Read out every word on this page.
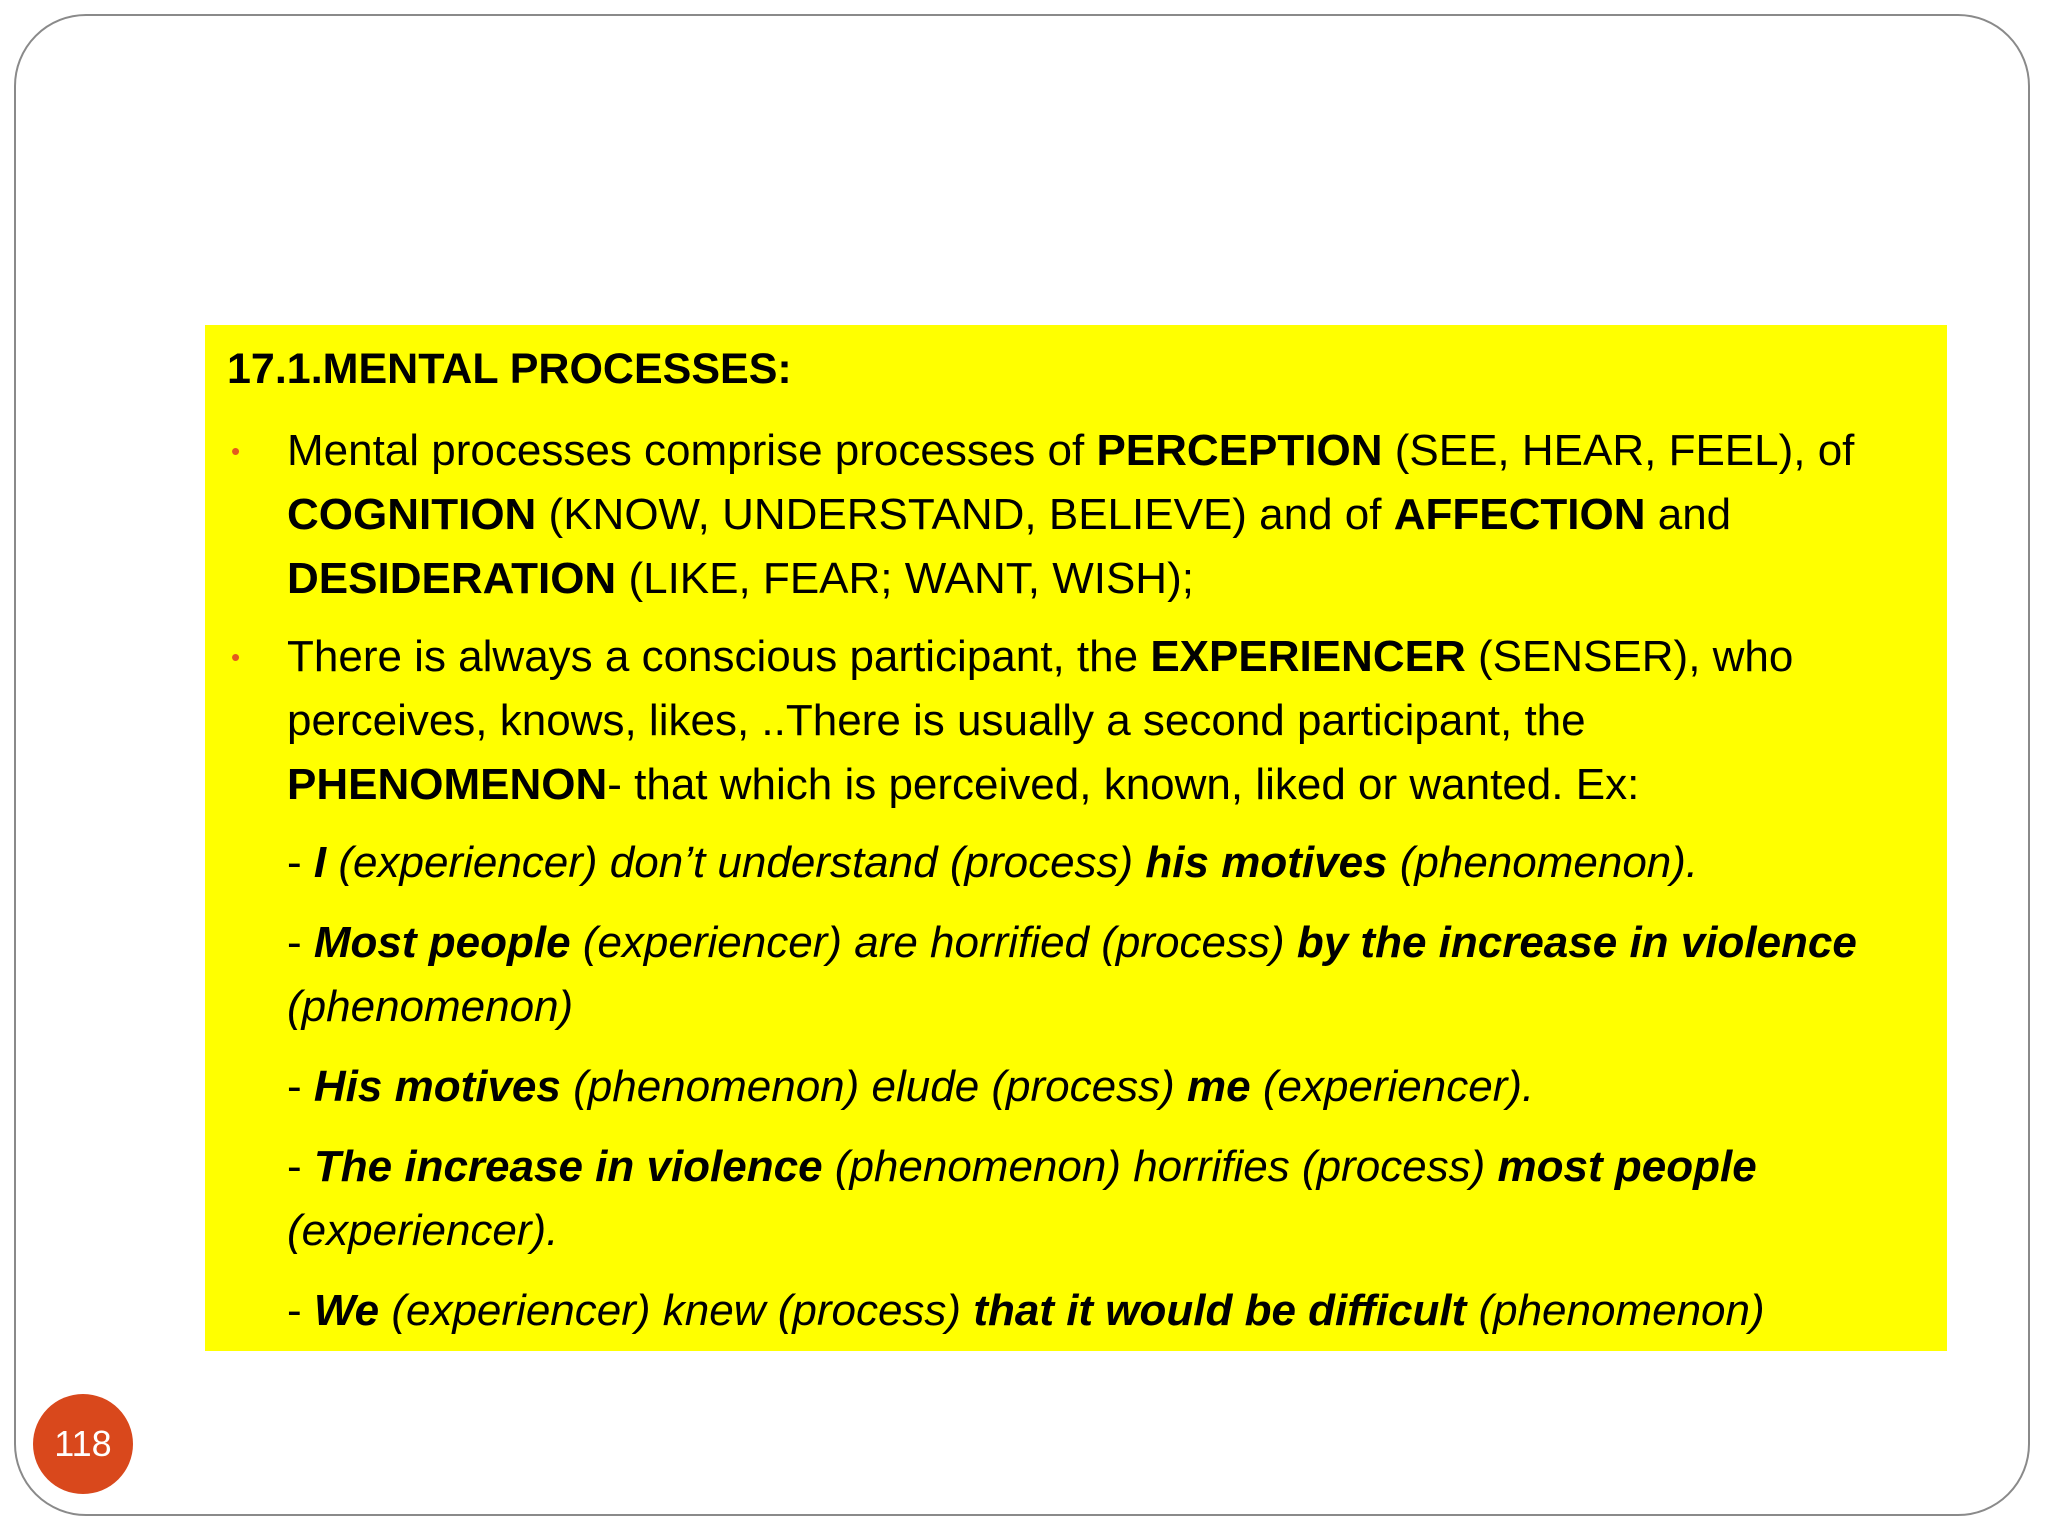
17.1.MENTAL PROCESSES:
• Mental processes comprise processes of PERCEPTION (SEE, HEAR, FEEL), of COGNITION (KNOW, UNDERSTAND, BELIEVE) and of AFFECTION and DESIDERATION (LIKE, FEAR; WANT, WISH);
• There is always a conscious participant, the EXPERIENCER (SENSER), who perceives, knows, likes, ..There is usually a second participant, the PHENOMENON- that which is perceived, known, liked or wanted. Ex:
- I (experiencer) don’t understand (process) his motives (phenomenon).
- Most people (experiencer) are horrified (process) by the increase in violence (phenomenon)
- His motives (phenomenon) elude (process) me (experiencer).
- The increase in violence (phenomenon) horrifies (process) most people (experiencer).
- We (experiencer) knew (process) that it would be difficult (phenomenon)
118
